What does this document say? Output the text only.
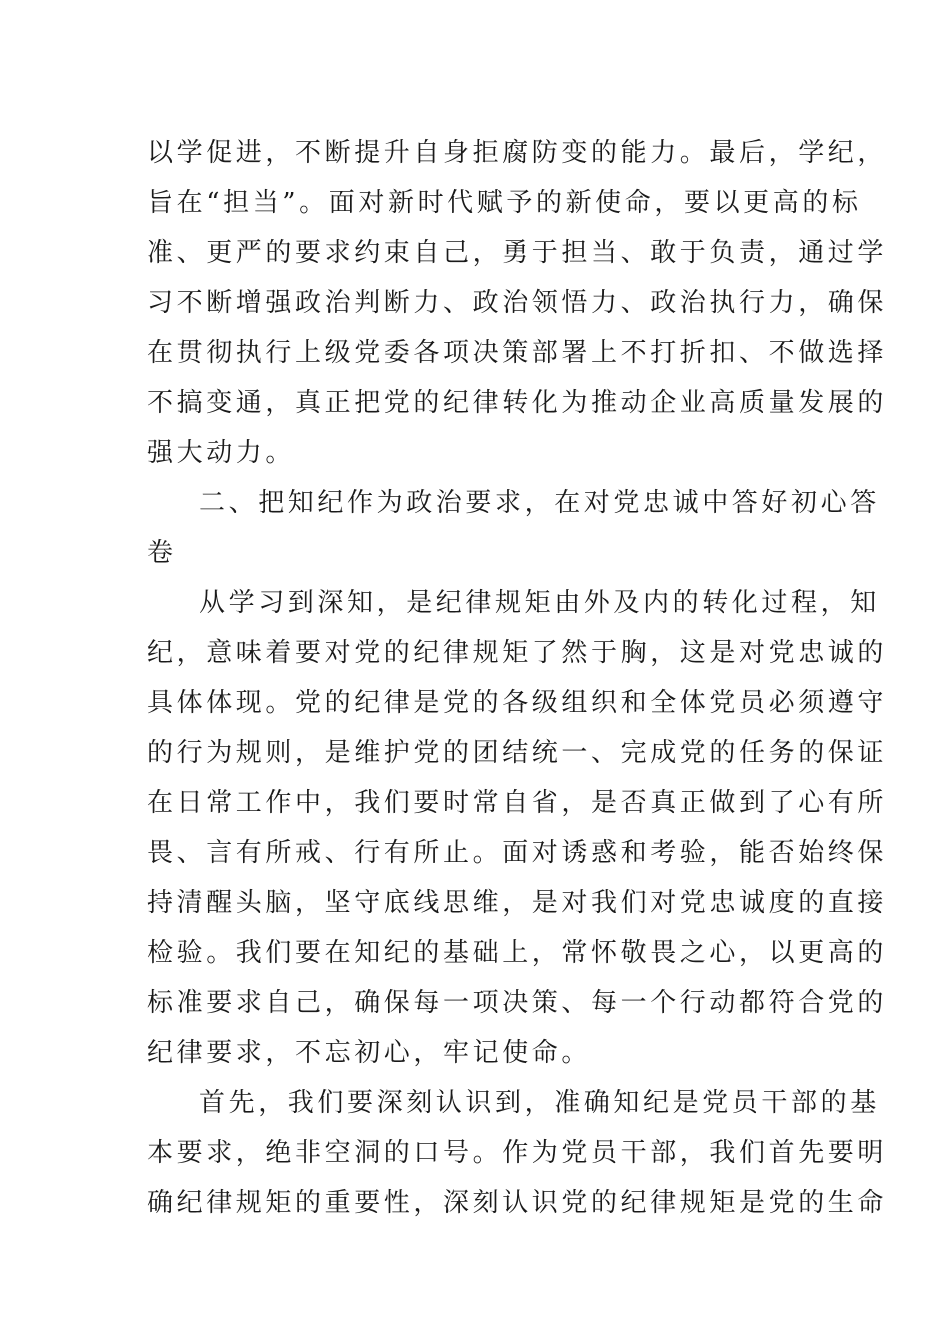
以学促进，不断提升自身拒腐防变的能力。最后，学纪，
旨在“担当”。面对新时代赋予的新使命，要以更高的标
准、更严的要求约束自己，勇于担当、敢于负责，通过学
习不断增强政治判断力、政治领悟力、政治执行力，确保
在贯彻执行上级党委各项决策部署上不打折扣、不做选择
不搞变通，真正把党的纪律转化为推动企业高质量发展的
强大动力。
二、把知纪作为政治要求，在对党忠诚中答好初心答
卷
从学习到深知，是纪律规矩由外及内的转化过程，知
纪，意味着要对党的纪律规矩了然于胸，这是对党忠诚的
具体体现。党的纪律是党的各级组织和全体党员必须遵守
的行为规则，是维护党的团结统一、完成党的任务的保证
在日常工作中，我们要时常自省，是否真正做到了心有所
畏、言有所戒、行有所止。面对诱惑和考验，能否始终保
持清醒头脑，坚守底线思维，是对我们对党忠诚度的直接
检验。我们要在知纪的基础上，常怀敬畏之心，以更高的
标准要求自己，确保每一项决策、每一个行动都符合党的
纪律要求，不忘初心，牢记使命。
首先，我们要深刻认识到，准确知纪是党员干部的基
本要求，绝非空洞的口号。作为党员干部，我们首先要明
确纪律规矩的重要性，深刻认识党的纪律规矩是党的生命
